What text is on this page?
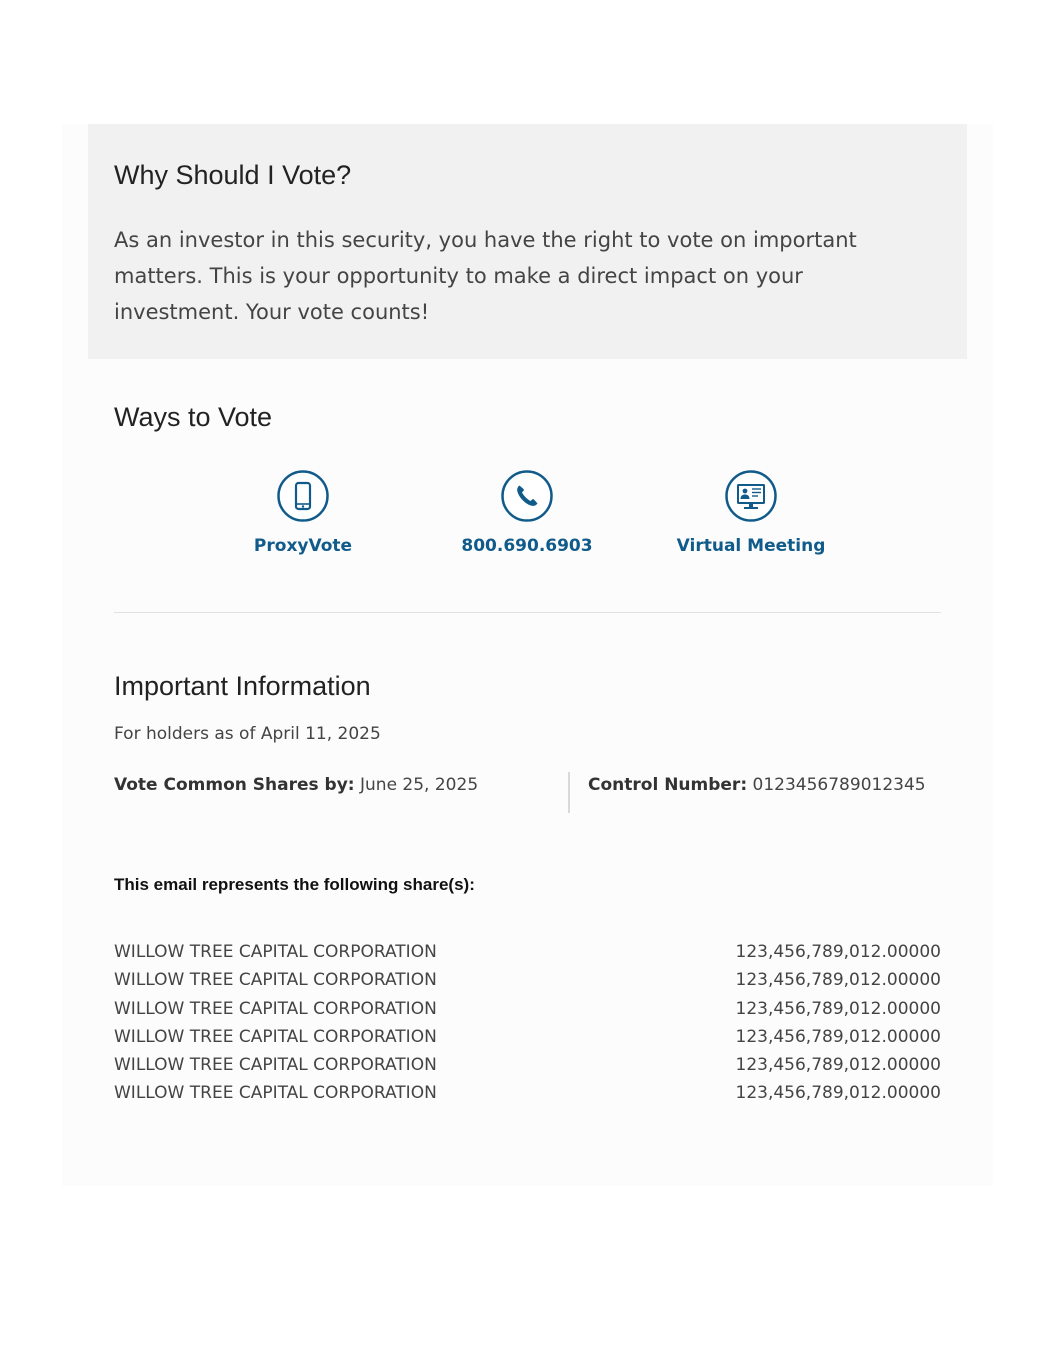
Why Should I Vote?
As an investor in this security, you have the right to vote on important matters. This is your opportunity to make a direct impact on your investment. Your vote counts!
Ways to Vote
ProxyVote	800.690.6903	Virtual Meeting
Important Information
For holders as of April 11, 2025
Vote Common Shares by: June 25, 2025	Control Number: 0123456789012345
This email represents the following share(s):
WILLOW TREE CAPITAL CORPORATION	123,456,789,012.00000
WILLOW TREE CAPITAL CORPORATION	123,456,789,012.00000
WILLOW TREE CAPITAL CORPORATION	123,456,789,012.00000
WILLOW TREE CAPITAL CORPORATION	123,456,789,012.00000
WILLOW TREE CAPITAL CORPORATION	123,456,789,012.00000
WILLOW TREE CAPITAL CORPORATION	123,456,789,012.00000
